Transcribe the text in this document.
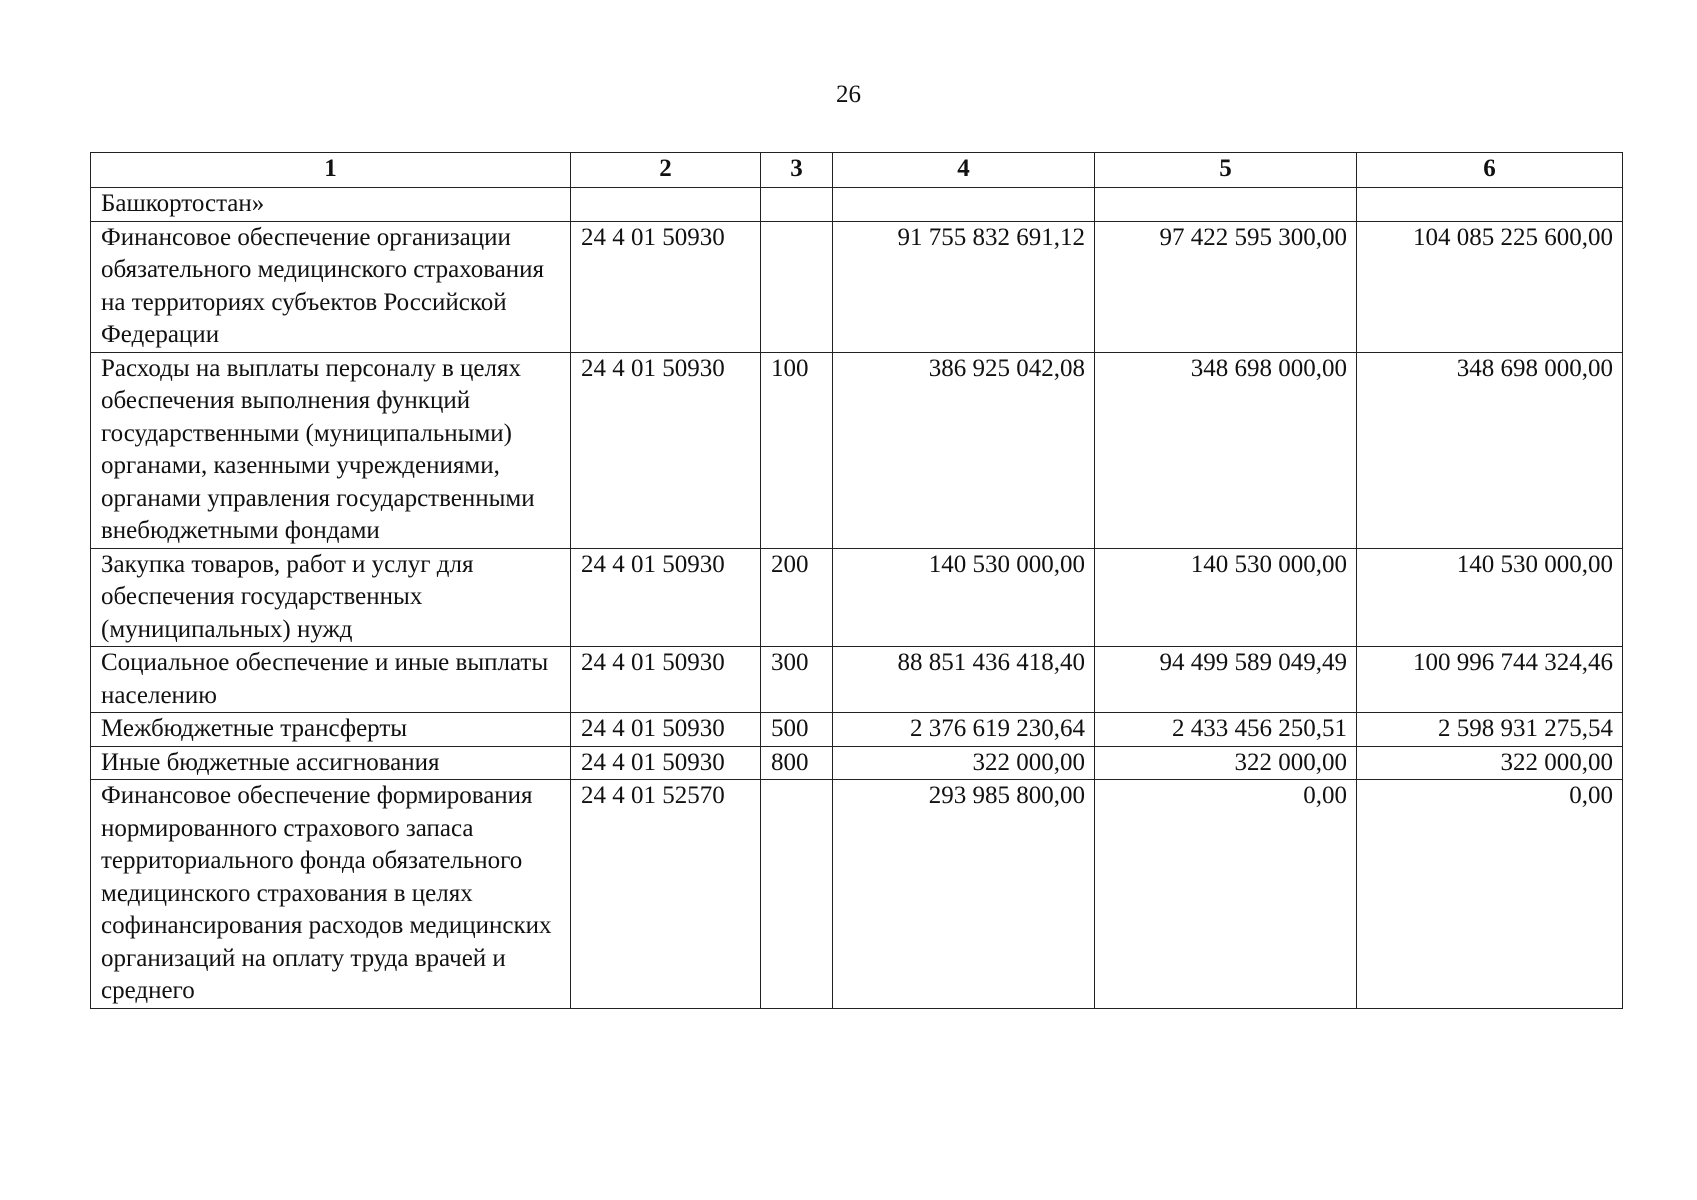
26
1	2	3	4	5	6
Башкортостан»					
Финансовое обеспечение организации обязательного медицинского страхования на территориях субъектов Российской Федерации	24 4 01 50930		91 755 832 691,12	97 422 595 300,00	104 085 225 600,00
Расходы на выплаты персоналу в целях обеспечения выполнения функций государственными (муниципальными) органами, казенными учреждениями, органами управления государственными внебюджетными фондами	24 4 01 50930	100	386 925 042,08	348 698 000,00	348 698 000,00
Закупка товаров, работ и услуг для обеспечения государственных (муниципальных) нужд	24 4 01 50930	200	140 530 000,00	140 530 000,00	140 530 000,00
Социальное обеспечение и иные выплаты населению	24 4 01 50930	300	88 851 436 418,40	94 499 589 049,49	100 996 744 324,46
Межбюджетные трансферты	24 4 01 50930	500	2 376 619 230,64	2 433 456 250,51	2 598 931 275,54
Иные бюджетные ассигнования	24 4 01 50930	800	322 000,00	322 000,00	322 000,00
Финансовое обеспечение формирования нормированного страхового запаса территориального фонда обязательного медицинского страхования в целях софинансирования расходов медицинских организаций на оплату труда врачей и среднего	24 4 01 52570		293 985 800,00	0,00	0,00
